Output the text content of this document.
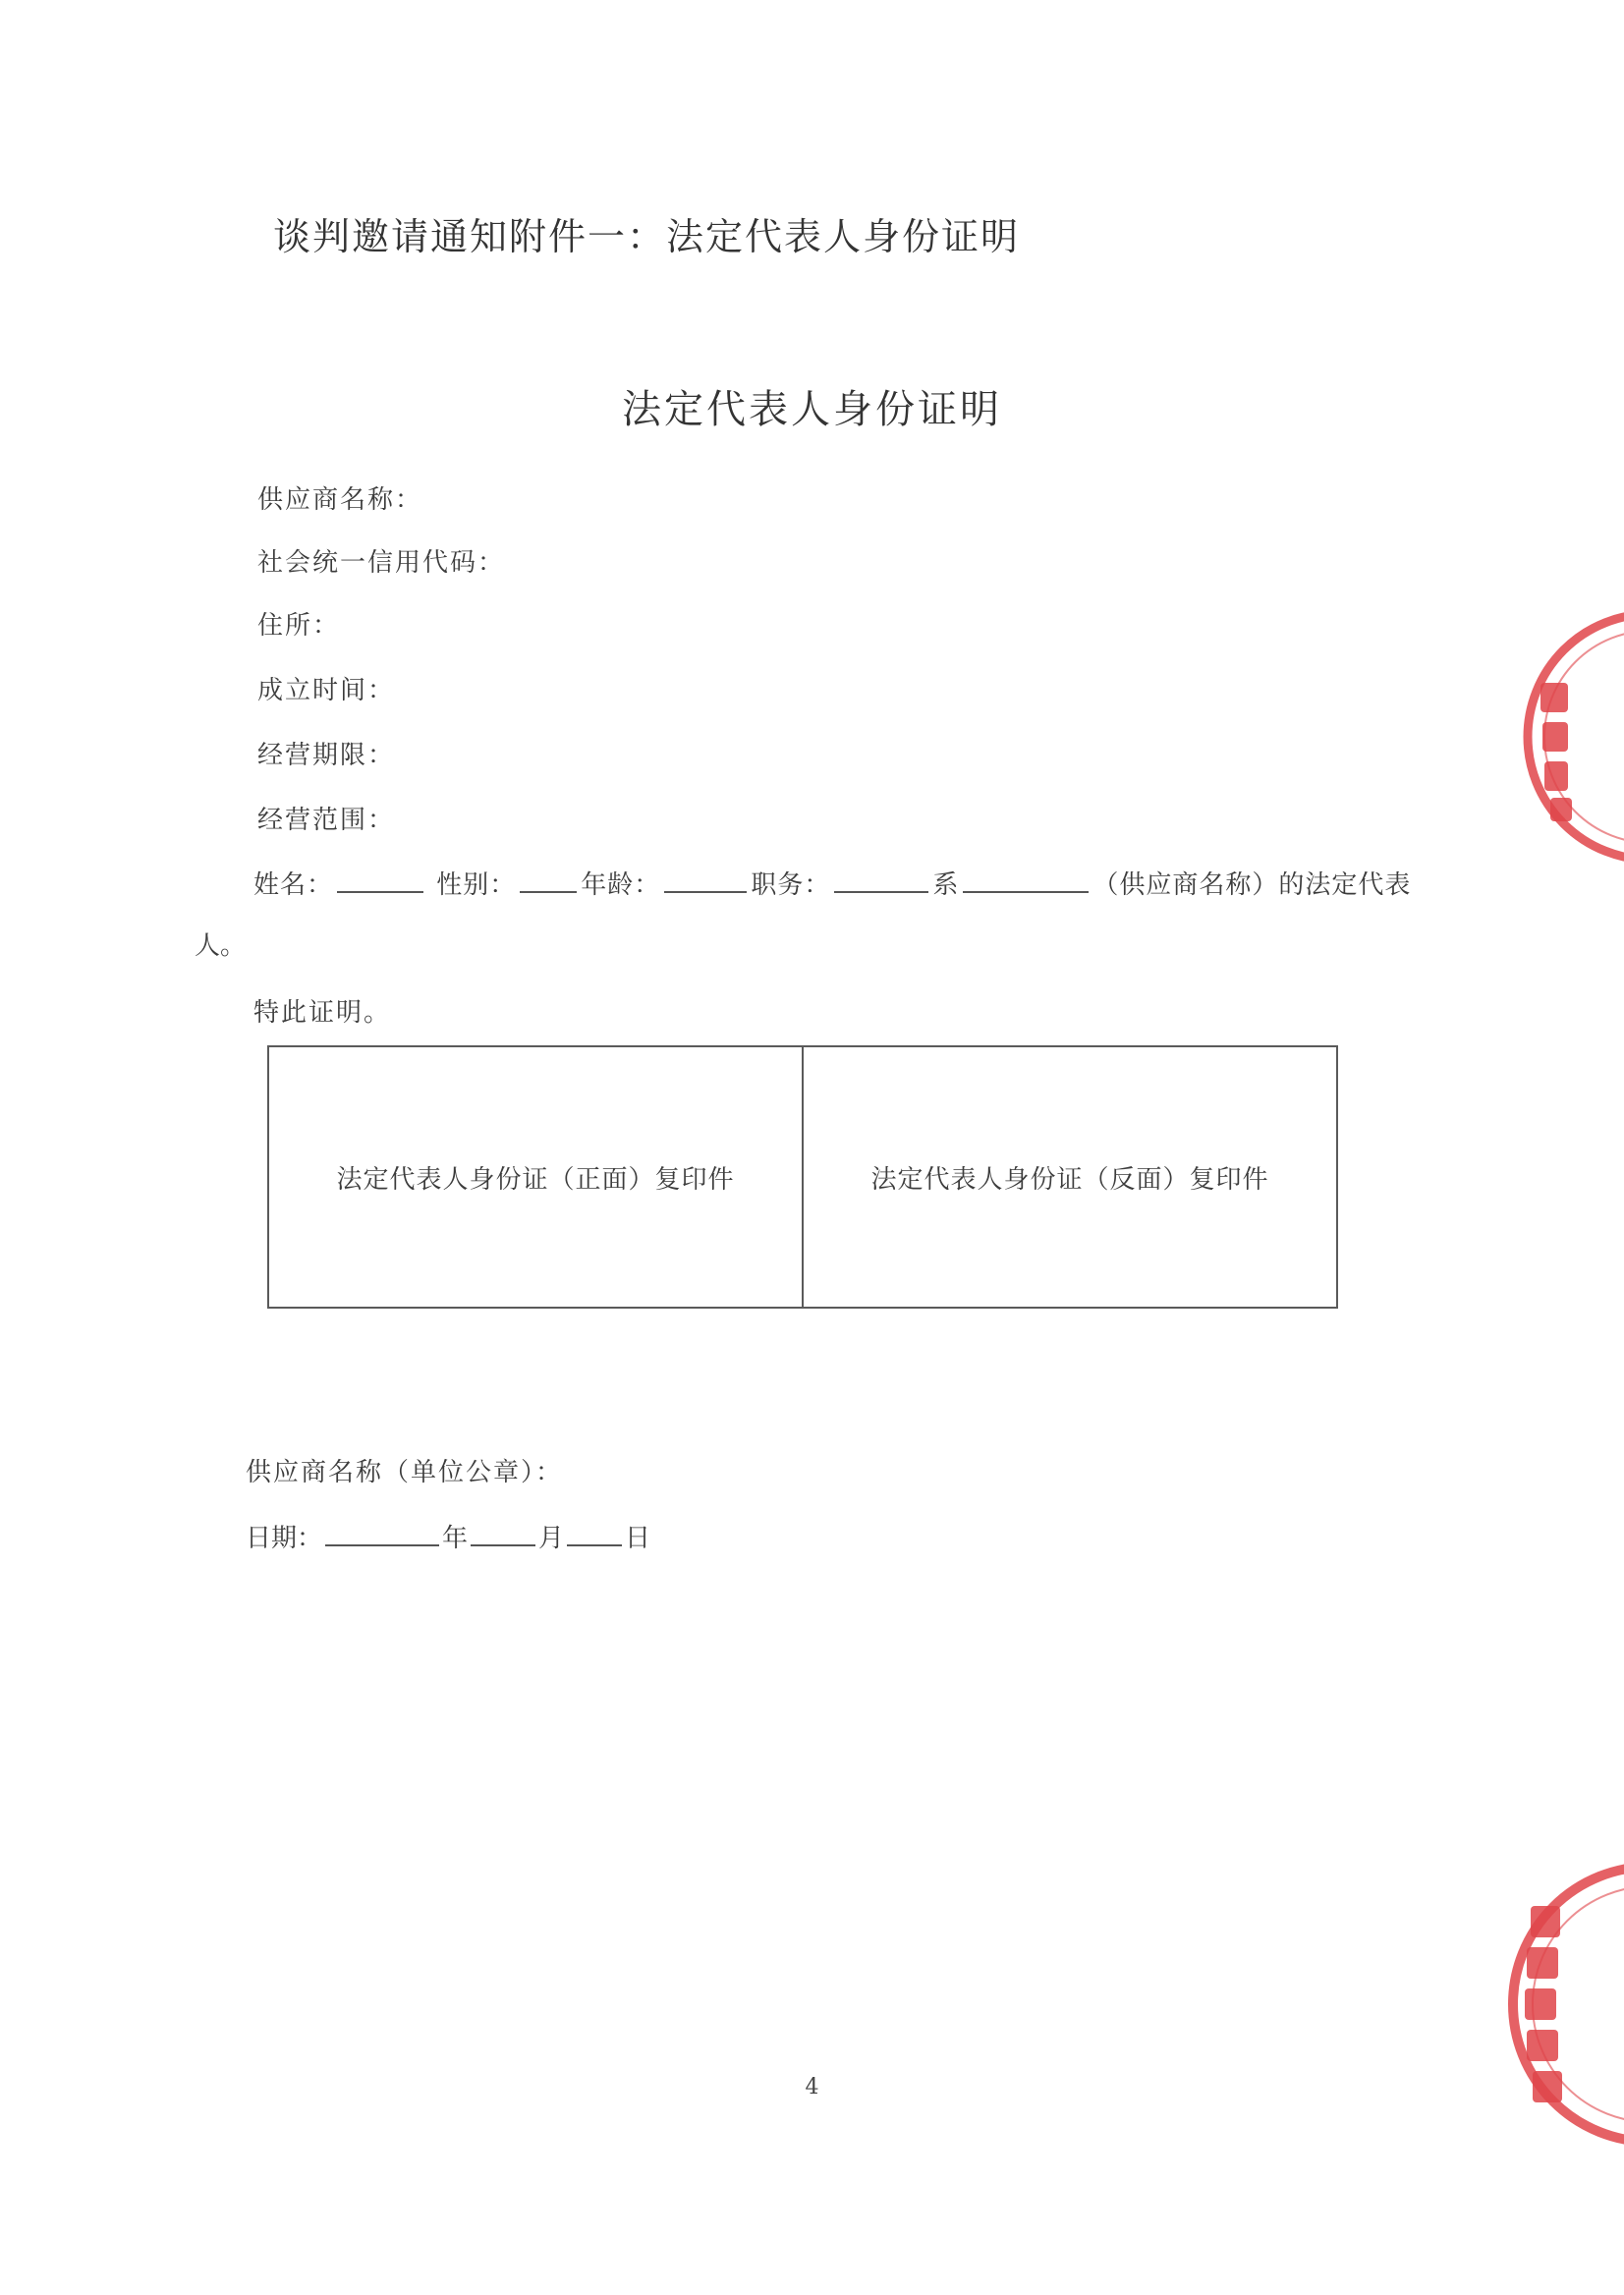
谈判邀请通知附件一：法定代表人身份证明
法定代表人身份证明
供应商名称：
社会统一信用代码：
住所：
成立时间：
经营期限：
经营范围：
姓名：	性别：	年龄：	职务：	系	（供应商名称）的法定代表
人。
特此证明。
法定代表人身份证（正面）复印件	法定代表人身份证（反面）复印件
供应商名称（单位公章）：
日期：	年	月 日
4
